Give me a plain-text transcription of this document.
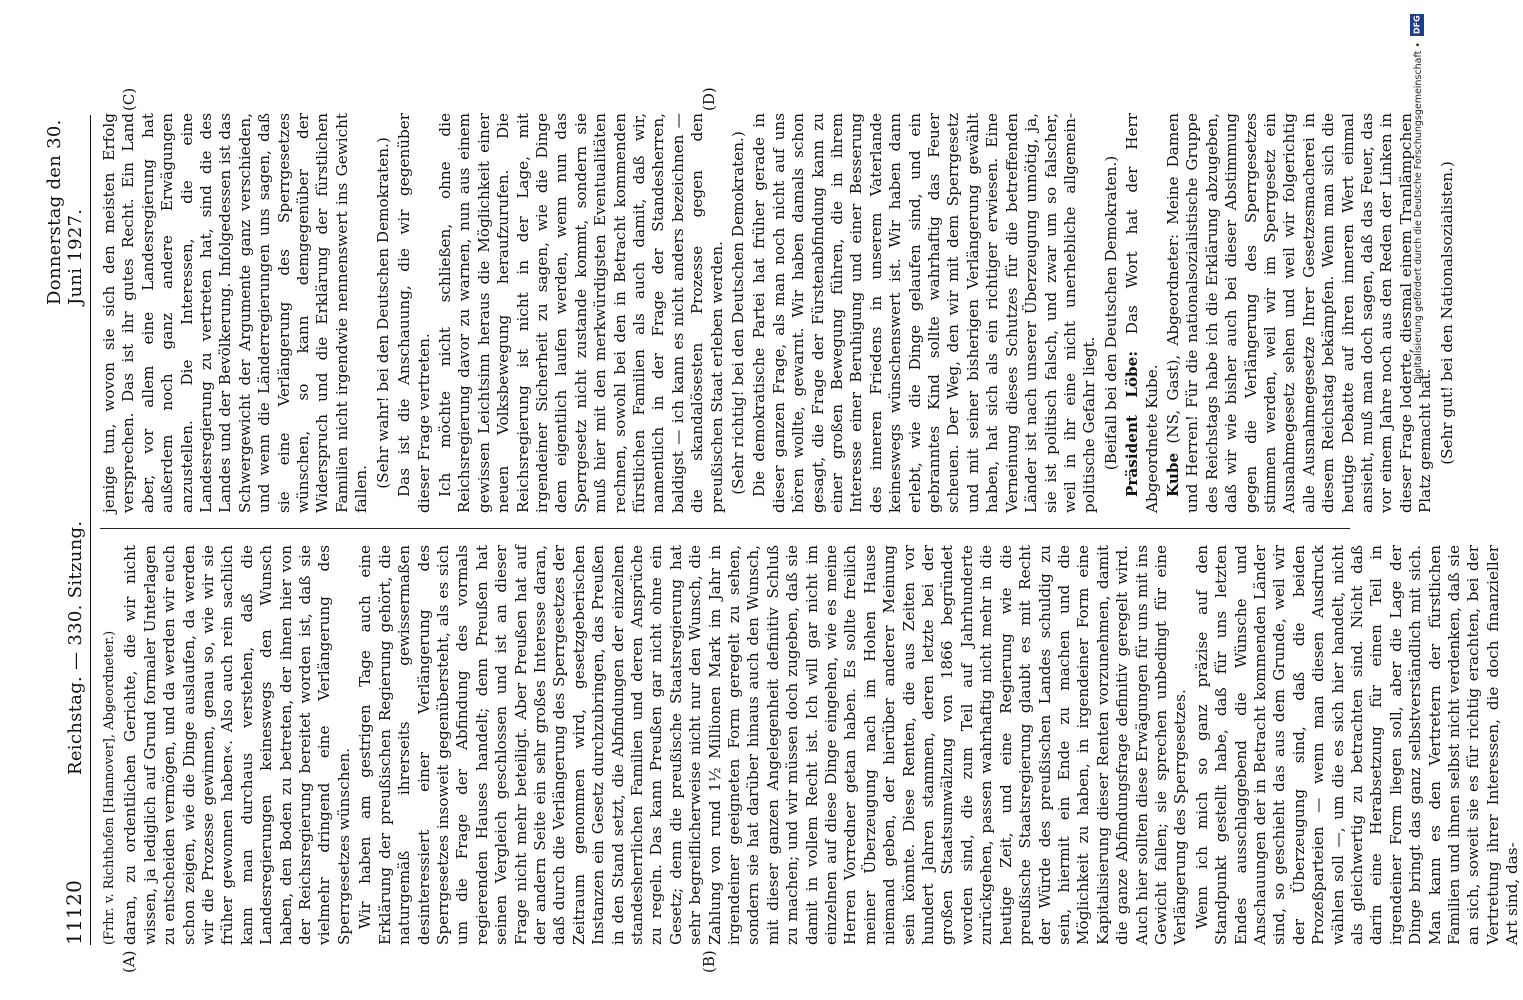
11120
Reichstag. — 330. Sitzung.
Donnerstag den 30. Juni 1927.

(Frhr. v. Richthofen [Hannover], Abgeordneter.) daran, zu ordentlichen Gerichte, die wir nicht wissen, ja lediglich auf Grund formaler Unterlagen zu entscheiden vermögen, und da werden wir euch schon zeigen, wie die Dinge auslaufen, da werden wir die Prozesse gewinnen, genau so, wie wir sie früher gewonnen haben«. Also auch rein sachlich kann man durchaus verstehen, daß die Landesregierungen keineswegs den Wunsch haben, den Boden zu betreten, der ihnen hier von der Reichsregierung bereitet worden ist, daß sie vielmehr dringend eine Verlängerung des Sperrgesetzes wünschen. Wir haben am gestrigen Tage auch eine Erklärung der preußischen Regierung gehört, die naturgemäß ihrerseits gewissermaßen desinteressiert einer Verlängerung des Sperrgesetzes insoweit gegenübersteht, als es sich um die Frage der Abfindung des vormals regierenden Hauses handelt; denn Preußen hat seinen Vergleich geschlossen und ist an dieser Frage nicht mehr beteiligt. Aber Preußen hat auf der andern Seite ein sehr großes Interesse daran, daß durch die Verlängerung des Sperrgesetzes der Zeitraum genommen wird, gesetzgeberischen Instanzen ein Gesetz durchzubringen, das Preußen in den Stand setzt, die Abfindungen der einzelnen standesherrlichen Familien und deren Ansprüche zu regeln. Das kann Preußen gar nicht ohne ein Gesetz; denn die preußische Staatsregierung hat sehr begreiflicherweise nicht nur den Wunsch, die Zahlung von rund 1½ Millionen Mark im Jahr in irgendeiner geeigneten Form geregelt zu sehen, sondern sie hat darüber hinaus auch den Wunsch, mit dieser ganzen Angelegenheit definitiv Schluß zu machen; und wir müssen doch zugeben, daß sie damit in vollem Recht ist. Ich will gar nicht im einzelnen auf diese Dinge eingehen, wie es meine Herren Vorredner getan haben. Es sollte freilich meiner Überzeugung nach im Hohen Hause niemand geben, der hierüber anderer Meinung sein könnte. Diese Renten, die aus Zeiten vor hundert Jahren stammen, deren letzte bei der großen Staatsumwälzung von 1866 begründet worden sind, die zum Teil auf Jahrhunderte zurückgehen, passen wahrhaftig nicht mehr in die heutige Zeit, und eine Regierung wie die preußische Staatsregierung glaubt es mit Recht der Würde des preußischen Landes schuldig zu sein, hiermit ein Ende zu machen und die Möglichkeit zu haben, in irgendeiner Form eine Kapitalisierung dieser Renten vorzunehmen, damit die ganze Abfindungsfrage definitiv geregelt wird. Auch hier sollten diese Erwägungen für uns mit ins Gewicht fallen; sie sprechen unbedingt für eine Verlängerung des Sperrgesetzes. Wenn ich mich so ganz präzise auf den Standpunkt gestellt habe, daß für uns letzten Endes ausschlaggebend die Wünsche und Anschauungen der in Betracht kommenden Länder sind, so geschieht das aus dem Grunde, weil wir der Überzeugung sind, daß die beiden Prozeßparteien — wenn man diesen Ausdruck wählen soll —, um die es sich hier handelt, nicht als gleichwertig zu betrachten sind. Nicht daß darin eine Herabsetzung für einen Teil in irgendeiner Form liegen soll, aber die Lage der Dinge bringt das ganz selbstverständlich mit sich. Man kann es den Vertretern der fürstlichen Familien und ihnen selbst nicht verdenken, daß sie an sich, soweit sie es für richtig erachten, bei der Vertretung ihrer Interessen, die doch finanzieller Art sind, das-

jenige tun, wovon sie sich den meisten Erfolg versprechen. Das ist ihr gutes Recht. Ein Land aber, vor allem eine Landesregierung hat außerdem noch ganz andere Erwägungen anzustellen. Die Interessen, die eine Landesregierung zu vertreten hat, sind die des Landes und der Bevölkerung. Infolgedessen ist das Schwergewicht der Argumente ganz verschieden, und wenn die Länderregierungen uns sagen, daß sie eine Verlängerung des Sperrgesetzes wünschen, so kann demgegenüber der Widerspruch und die Erklärung der fürstlichen Familien nicht irgendwie nennenswert ins Gewicht fallen.

(Sehr wahr! bei den Deutschen Demokraten.) Das ist die Anschauung, die wir gegenüber dieser Frage vertreten. Ich möchte nicht schließen, ohne die Reichsregierung davor zu warnen, nun aus einem gewissen Leichtsinn heraus die Möglichkeit einer neuen Volksbewegung heraufzurufen. Die Reichsregierung ist nicht in der Lage, mit irgendeiner Sicherheit zu sagen, wie die Dinge dem eigentlich laufen werden, wenn nun das Sperrgesetz nicht zustande kommt, sondern sie muß hier mit den merkwürdigsten Eventualitäten rechnen, sowohl bei den in Betracht kommenden fürstlichen Familien als auch damit, daß wir, namentlich in der Frage der Standesherren, baldigst — ich kann es nicht anders bezeichnen — die skandalösesten Prozesse gegen den preußischen Staat erleben werden. (Sehr richtig! bei den Deutschen Demokraten.) Die demokratische Partei hat früher gerade in dieser ganzen Frage, als man noch nicht auf uns hören wollte, gewarnt. Wir haben damals schon gesagt, die Frage der Fürstenabfindung kann zu einer großen Bewegung führen, die in ihrem Interesse einer Beruhigung und einer Besserung des inneren Friedens in unserem Vaterlande keineswegs wünschenswert ist. Wir haben dann erlebt, wie die Dinge gelaufen sind, und ein gebranntes Kind sollte wahrhaftig das Feuer scheuen. Der Weg, den wir mit dem Sperrgesetz und mit seiner bisherigen Verlängerung gewählt haben, hat sich als ein richtiger erwiesen. Eine Verneinung dieses Schutzes für die betreffenden Länder ist nach unserer Überzeugung unnötig, ja, sie ist politisch falsch, und zwar um so falscher, weil in ihr eine nicht unerhebliche allgemein-politische Gefahr liegt. (Beifall bei den Deutschen Demokraten.) Präsident Löbe: Das Wort hat der Herr Abgeordnete Kube. Kube (NS, Gast), Abgeordneter: Meine Damen und Herren! Für die nationalsozialistische Gruppe des Reichstags habe ich die Erklärung abzugeben, daß wir wie bisher auch bei dieser Abstimmung gegen die Verlängerung des Sperrgesetzes stimmen werden, weil wir im Sperrgesetz ein Ausnahmegesetz sehen und weil wir folgerichtig alle Ausnahmegesetze Ihrer Gesetzesmacherei in diesem Reichstag bekämpfen. Wenn man sich die heutige Debatte auf ihren inneren Wert einmal ansieht, muß man doch sagen, daß das Feuer, das vor einem Jahre noch aus den Reden der Linken in dieser Frage loderte, diesmal einem Tranlämpchen Platz gemacht hat. (Sehr gut! bei den Nationalsozialisten.)

(A)	(B)
(C)	(D)
DFG
Digitalisierung gefördert durch die Deutsche Forschungsgemeinschaft •
